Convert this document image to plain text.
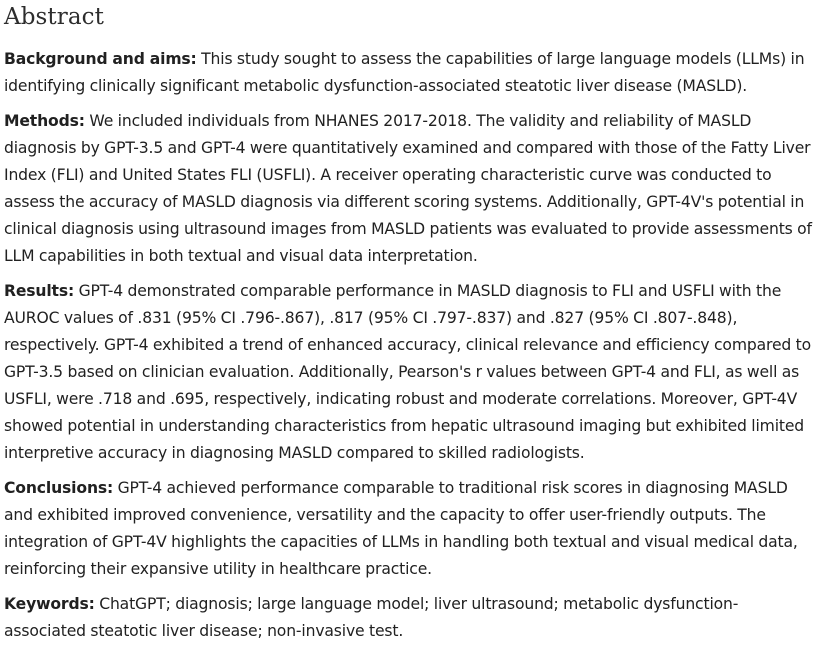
Abstract

Background and aims: This study sought to assess the capabilities of large language models (LLMs) in identifying clinically significant metabolic dysfunction-associated steatotic liver disease (MASLD).

Methods: We included individuals from NHANES 2017-2018. The validity and reliability of MASLD diagnosis by GPT-3.5 and GPT-4 were quantitatively examined and compared with those of the Fatty Liver Index (FLI) and United States FLI (USFLI). A receiver operating characteristic curve was conducted to assess the accuracy of MASLD diagnosis via different scoring systems. Additionally, GPT-4V's potential in clinical diagnosis using ultrasound images from MASLD patients was evaluated to provide assessments of LLM capabilities in both textual and visual data interpretation.

Results: GPT-4 demonstrated comparable performance in MASLD diagnosis to FLI and USFLI with the AUROC values of .831 (95% CI .796-.867), .817 (95% CI .797-.837) and .827 (95% CI .807-.848), respectively. GPT-4 exhibited a trend of enhanced accuracy, clinical relevance and efficiency compared to GPT-3.5 based on clinician evaluation. Additionally, Pearson's r values between GPT-4 and FLI, as well as USFLI, were .718 and .695, respectively, indicating robust and moderate correlations. Moreover, GPT-4V showed potential in understanding characteristics from hepatic ultrasound imaging but exhibited limited interpretive accuracy in diagnosing MASLD compared to skilled radiologists.

Conclusions: GPT-4 achieved performance comparable to traditional risk scores in diagnosing MASLD and exhibited improved convenience, versatility and the capacity to offer user-friendly outputs. The integration of GPT-4V highlights the capacities of LLMs in handling both textual and visual medical data, reinforcing their expansive utility in healthcare practice.

Keywords: ChatGPT; diagnosis; large language model; liver ultrasound; metabolic dysfunction-associated steatotic liver disease; non-invasive test.
